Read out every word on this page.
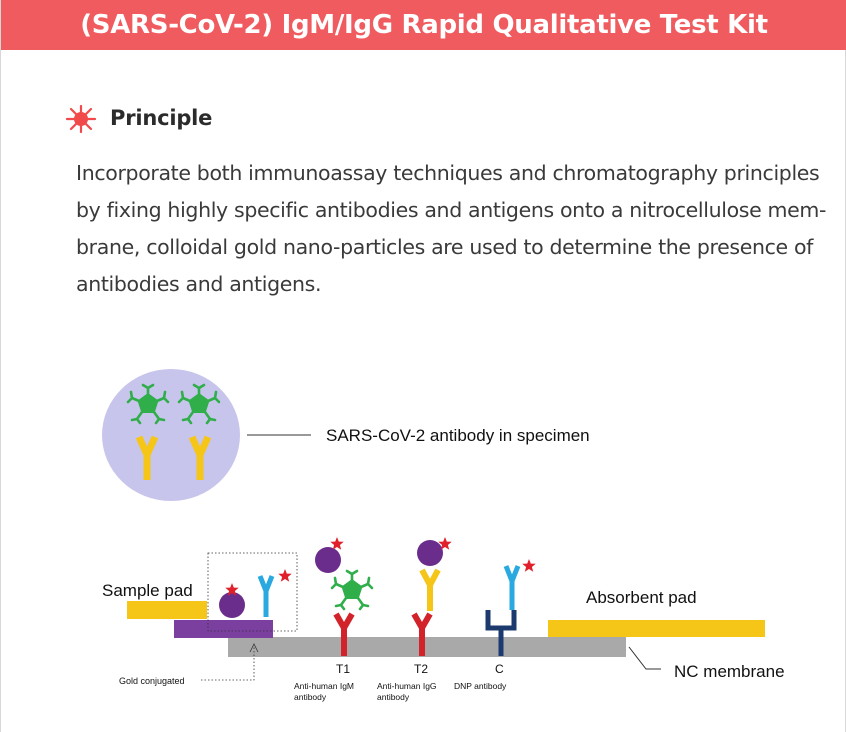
(SARS-CoV-2) IgM/IgG Rapid Qualitative Test Kit
Principle
Incorporate both immunoassay techniques and chromatography principles
by fixing highly specific antibodies and antigens onto a nitrocellulose mem-
brane, colloidal gold nano-particles are used to determine the presence of
antibodies and antigens.
SARS-CoV-2 antibody in specimen
Sample pad	Absorbent pad
Gold conjugated
T1
Anti-human IgM
antibody
T2
Anti-human IgG
antibody
C
DNP antibody
NC membrane
